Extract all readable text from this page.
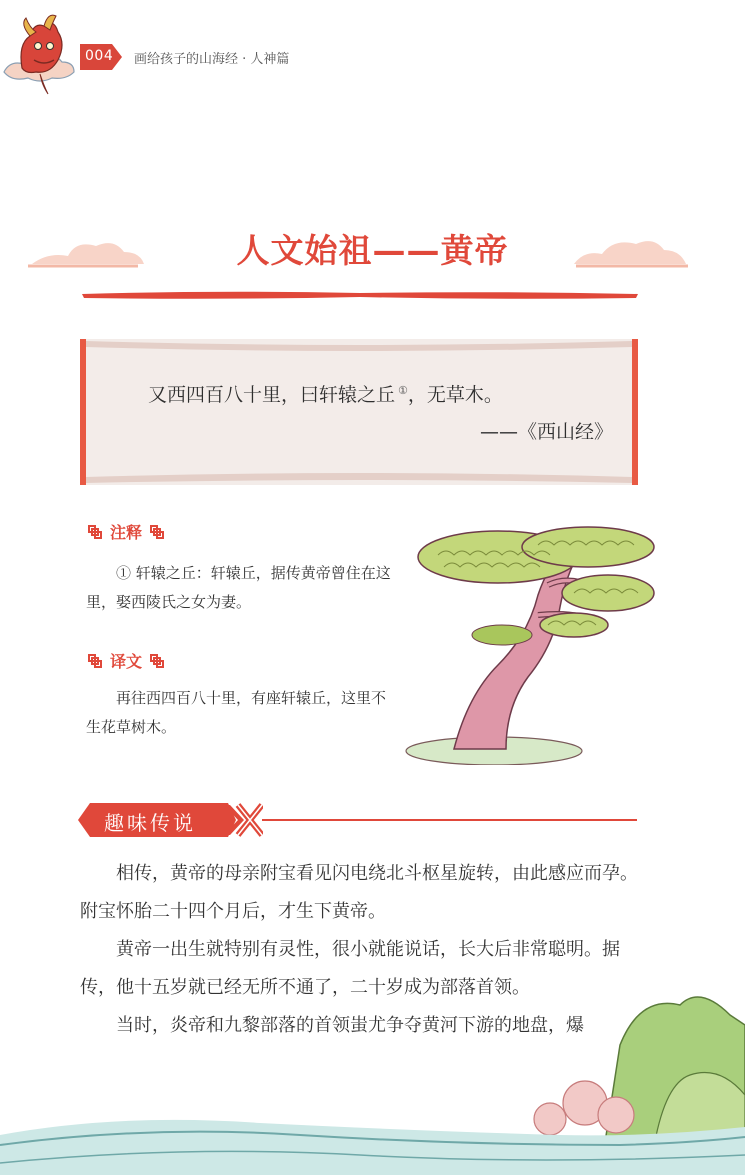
004 画给孩子的山海经 · 人神篇
人文始祖——黄帝
又西四百八十里，曰轩辕之丘 ①，无草木。
——《西山经》
注释
① 轩辕之丘：轩辕丘，据传黄帝曾住在这里，娶西陵氏之女为妻。
译文
再往西四百八十里，有座轩辕丘，这里不生花草树木。
趣味传说

相传，黄帝的母亲附宝看见闪电绕北斗枢星旋转，由此感应而孕。附宝怀胎二十四个月后，才生下黄帝。

黄帝一出生就特别有灵性，很小就能说话，长大后非常聪明。据传，他十五岁就已经无所不通了，二十岁成为部落首领。

当时，炎帝和九黎部落的首领蚩尤争夺黄河下游的地盘，爆
